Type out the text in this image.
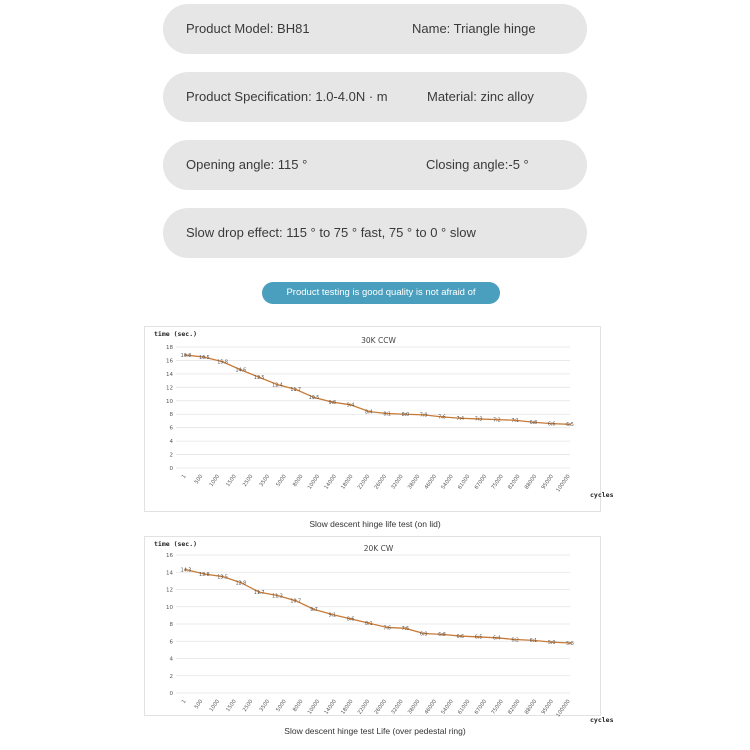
Product Model: BH81	Name: Triangle hinge
Product Specification: 1.0-4.0N · m	Material: zinc alloy
Opening angle: 115 °	Closing angle:-5 °
Slow drop effect: 115 ° to 75 ° fast, 75 ° to 0 ° slow
Product testing is good quality is not afraid of comparison
0
2
4
6
8
10
12
14
16
18
1 500 1000 1500 2500 3500 5000 8000 10000 14000 18000 22000 26000 32000 38000 46000 54000 61000 67000 75000 82000 88000 95000 100000
30K CCW
time (sec.)
cycles
16.8 16.5
15.8
14.6
13.5
12.4
11.7
10.5
9.8
9.4
8.4 8.1 8.0 7.9 7.6 7.4 7.3 7.2 7.1 6.8 6.6 6.5
Slow descent hinge life test (on lid)
0
2
4
6
8
10
12
14
16
1 500 1000 1500 2500 3500 5000 8000 10000 14000 18000 22000 26000 32000 38000 46000 54000 61000 67000 75000 82000 88000 95000 100000
20K CW
time (sec.)
cycles
14.3
13.8
13.5
12.8
11.7
11.3
10.7
9.7
9.1
8.6
8.1
7.6 7.5
6.9 6.8 6.6 6.5 6.4 6.2 6.1 5.9 5.8
Slow descent hinge test Life (over pedestal ring)
